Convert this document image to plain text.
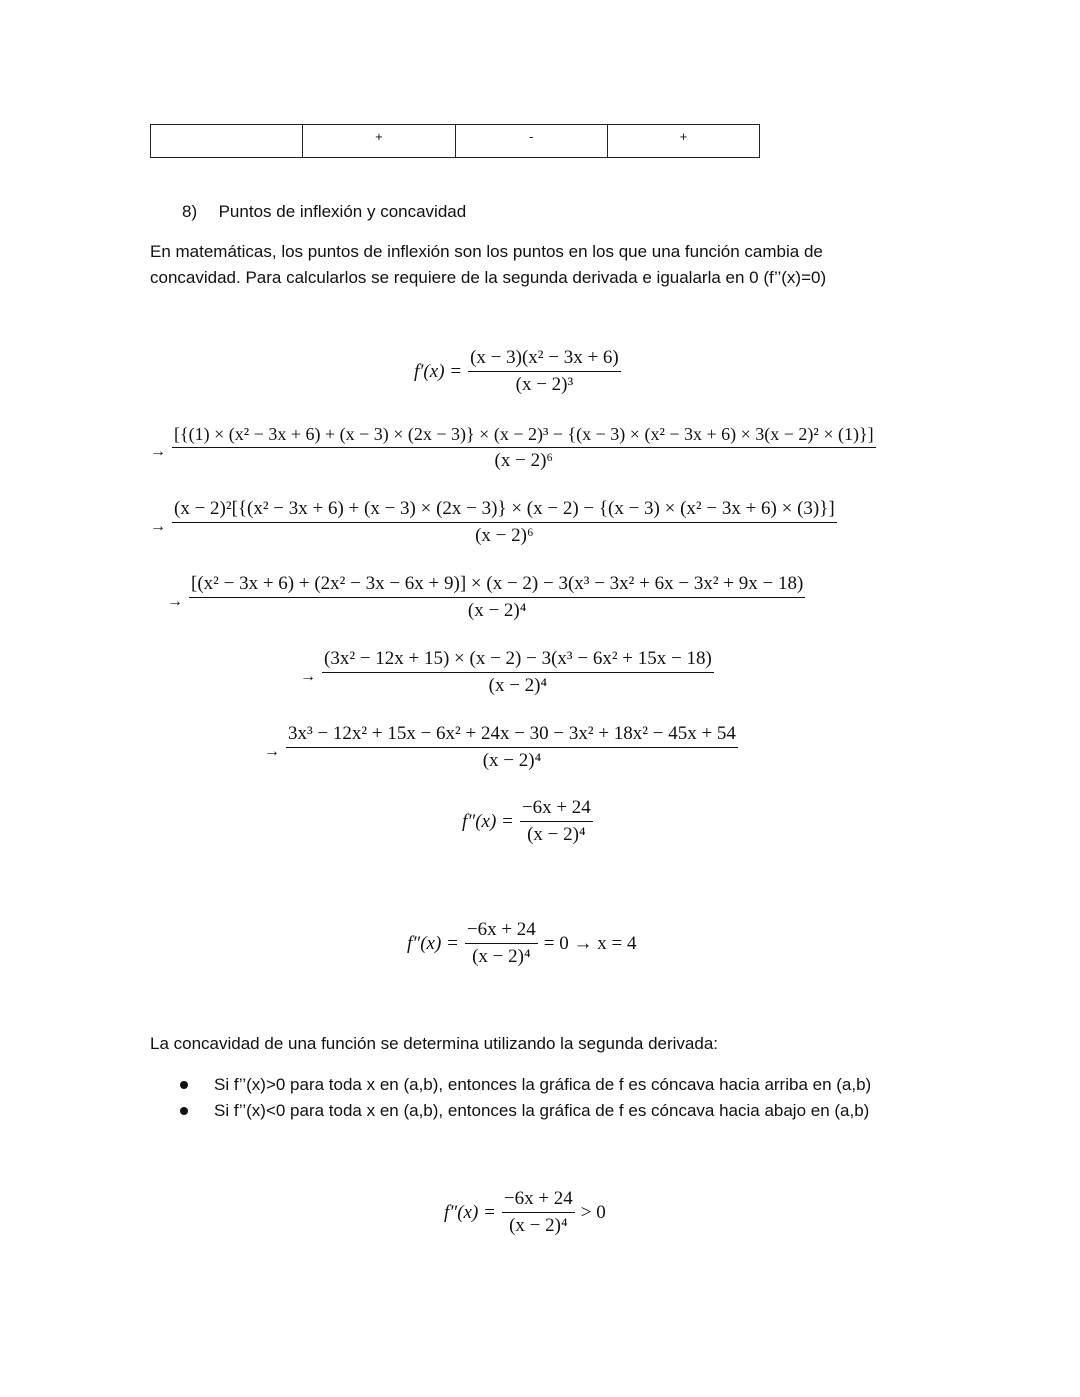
	+	-	+
8) Puntos de inflexión y concavidad
En matemáticas, los puntos de inflexión son los puntos en los que una función cambia de
concavidad. Para calcularlos se requiere de la segunda derivada e igualarla en 0 (f’’(x)=0)
$f'(x) = \frac{\text{(x − 3)(x² − 3x + 6)}}{\text{(x − 2)³}}$
→
[{(1) × (x² − 3x + 6) + (x − 3) × (2x − 3)} × (x − 2)³ − {(x − 3) × (x² − 3x + 6) × 3(x − 2)² × (1)}]
(x − 2)⁶
→
(x − 2)²[{(x² − 3x + 6) + (x − 3) × (2x − 3)} × (x − 2) − {(x − 3) × (x² − 3x + 6) × (3)}]
(x − 2)⁶
→
[(x² − 3x + 6) + (2x² − 3x − 6x + 9)] × (x − 2) − 3(x³ − 3x² + 6x − 3x² + 9x − 18)
(x − 2)⁴
→ $\frac{\text{(3x² − 12x + 15) × (x − 2) − 3(x³ − 6x² + 15x − 18)}}{\text{(x − 2)⁴}}$
→ $\frac{\text{3x³ − 12x² + 15x − 6x² + 24x − 30 − 3x² + 18x² − 45x + 54}}{\text{(x − 2)⁴}}$
$f''(x) = \frac{-6x + 24}{\text{(x − 2)⁴}}$
$f''(x) = \frac{-6x + 24}{\text{(x − 2)⁴}} = 0 \to x = 4$
La concavidad de una función se determina utilizando la segunda derivada:
Si f’’(x)>0 para toda x en (a,b), entonces la gráfica de f es cóncava hacia arriba en (a,b)
Si f’’(x)<0 para toda x en (a,b), entonces la gráfica de f es cóncava hacia abajo en (a,b)
$f''(x) = \frac{-6x + 24}{\text{(x − 2)⁴}} > 0$
